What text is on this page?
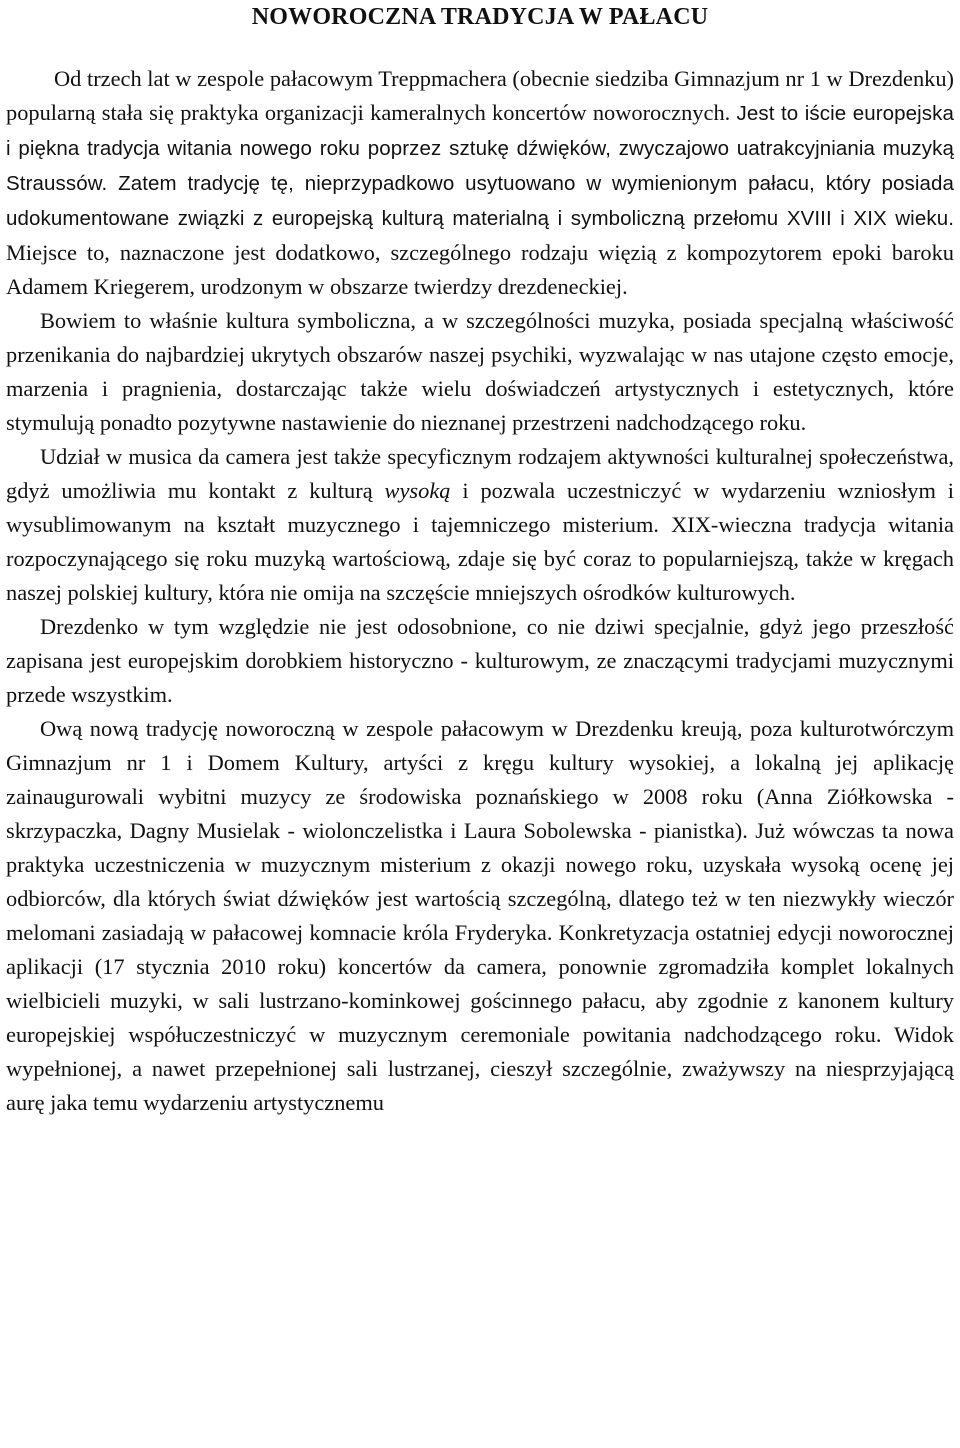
NOWOROCZNA TRADYCJA W PAŁACU

Od trzech lat w zespole pałacowym Treppmachera (obecnie siedziba Gimnazjum nr 1 w Drezdenku) popularną stała się praktyka organizacji kameralnych koncertów noworocznych. Jest to iście europejska i piękna tradycja witania nowego roku poprzez sztukę dźwięków, zwyczajowo uatrakcyjniania muzyką Straussów. Zatem tradycję tę, nieprzypadkowo usytuowano w wymienionym pałacu, który posiada udokumentowane związki z europejską kulturą materialną i symboliczną przełomu XVIII i XIX wieku. Miejsce to, naznaczone jest dodatkowo, szczególnego rodzaju więzią z kompozytorem epoki baroku Adamem Kriegerem, urodzonym w obszarze twierdzy drezdeneckiej.

Bowiem to właśnie kultura symboliczna, a w szczególności muzyka, posiada specjalną właściwość przenikania do najbardziej ukrytych obszarów naszej psychiki, wyzwalając w nas utajone często emocje, marzenia i pragnienia, dostarczając także wielu doświadczeń artystycznych i estetycznych, które stymulują ponadto pozytywne nastawienie do nieznanej przestrzeni nadchodzącego roku.

Udział w musica da camera jest także specyficznym rodzajem aktywności kulturalnej społeczeństwa, gdyż umożliwia mu kontakt z kulturą wysoką i pozwala uczestniczyć w wydarzeniu wzniosłym i wysublimowanym na kształt muzycznego i tajemniczego misterium. XIX-wieczna tradycja witania rozpoczynającego się roku muzyką wartościową, zdaje się być coraz to popularniejszą, także w kręgach naszej polskiej kultury, która nie omija na szczęście mniejszych ośrodków kulturowych.

Drezdenko w tym względzie nie jest odosobnione, co nie dziwi specjalnie, gdyż jego przeszłość zapisana jest europejskim dorobkiem historyczno - kulturowym, ze znaczącymi tradycjami muzycznymi przede wszystkim.

Ową nową tradycję noworoczną w zespole pałacowym w Drezdenku kreują, poza kulturotwórczym Gimnazjum nr 1 i Domem Kultury, artyści z kręgu kultury wysokiej, a lokalną jej aplikację zainaugurowali wybitni muzycy ze środowiska poznańskiego w 2008 roku (Anna Ziółkowska - skrzypaczka, Dagny Musielak - wiolonczelistka i Laura Sobolewska - pianistka). Już wówczas ta nowa praktyka uczestniczenia w muzycznym misterium z okazji nowego roku, uzyskała wysoką ocenę jej odbiorców, dla których świat dźwięków jest wartością szczególną, dlatego też w ten niezwykły wieczór melomani zasiadają w pałacowej komnacie króla Fryderyka. Konkretyzacja ostatniej edycji noworocznej aplikacji (17 stycznia 2010 roku) koncertów da camera, ponownie zgromadziła komplet lokalnych wielbicieli muzyki, w sali lustrzano-kominkowej gościnnego pałacu, aby zgodnie z kanonem kultury europejskiej współuczestniczyć w muzycznym ceremoniale powitania nadchodzącego roku. Widok wypełnionej, a nawet przepełnionej sali lustrzanej, cieszył szczególnie, zważywszy na niesprzyjającą aurę jaka temu wydarzeniu artystycznemu
